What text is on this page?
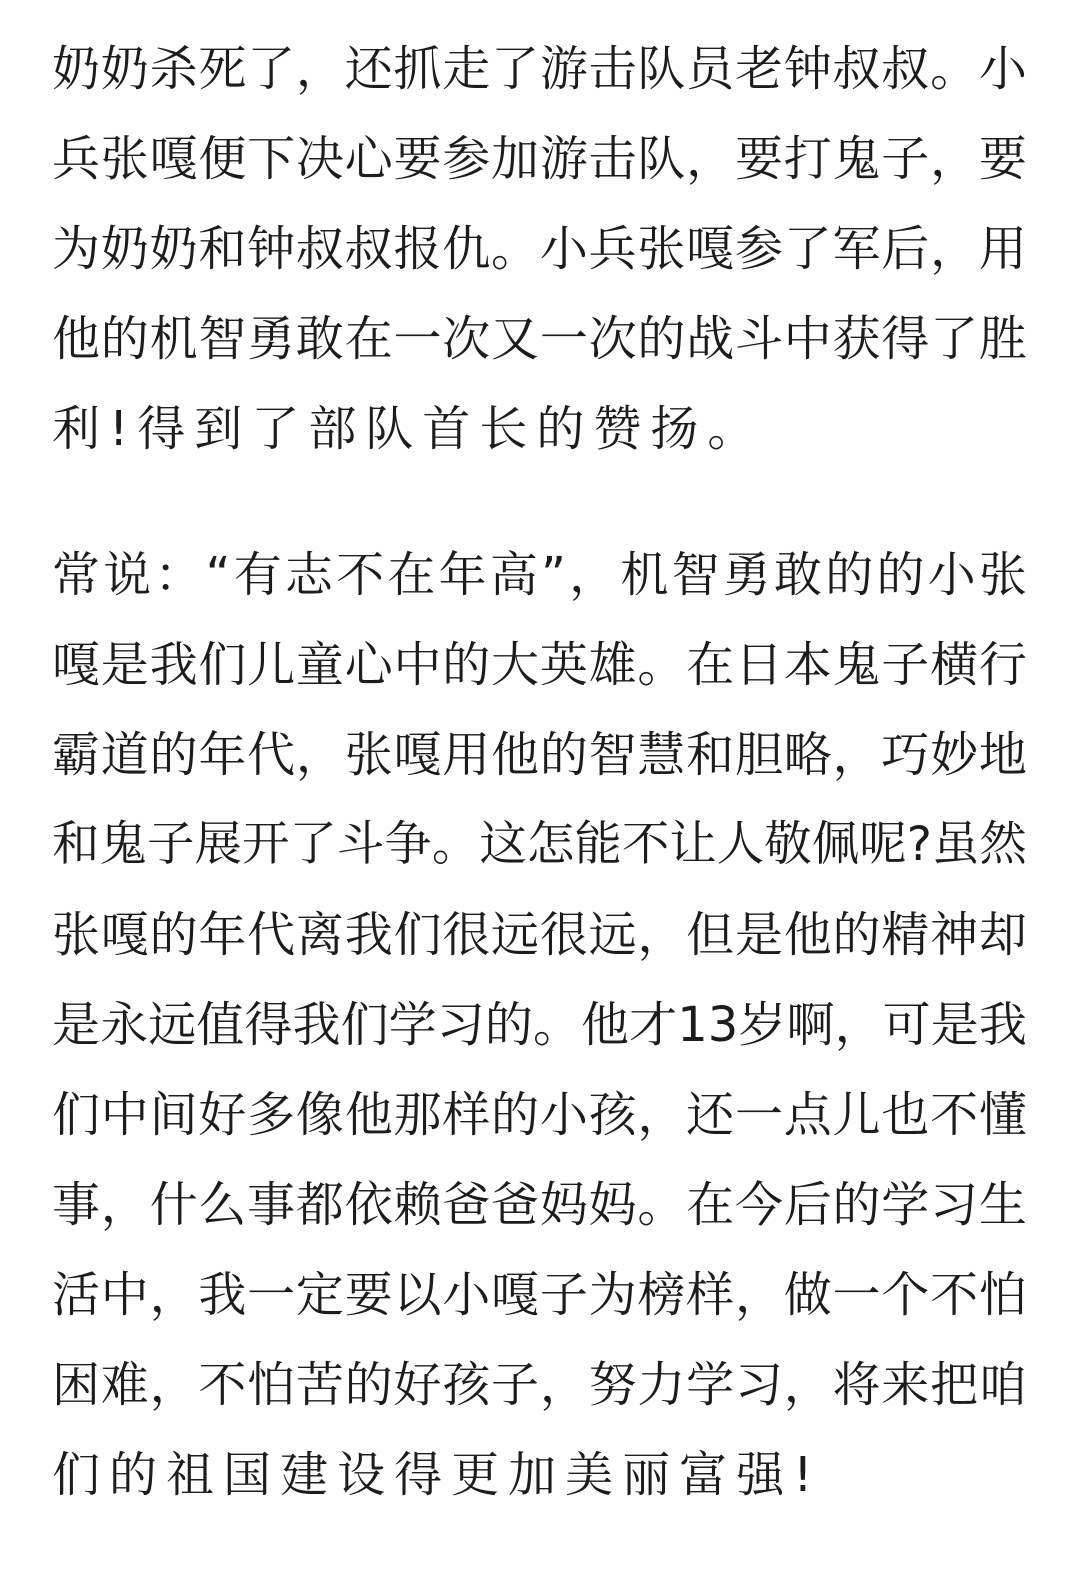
奶 奶 杀 死 了 ， 还 抓 走 了 游 击 队 员 老 钟 叔 叔 。 小
兵 张 嘎 便 下 决 心 要 参 加 游 击 队 ， 要 打 鬼 子 ， 要
为 奶 奶 和 钟 叔 叔 报 仇 。 小 兵 张 嘎 参 了 军 后 ， 用
他 的 机 智 勇 敢 在 一 次 又 一 次 的 战 斗 中 获 得 了 胜
利 ! 得 到 了 部 队 首 长 的 赞 扬 。
常 说 ： “ 有 志 不 在 年 高 ” ， 机 智 勇 敢 的 的 小 张
嘎 是 我 们 儿 童 心 中 的 大 英 雄 。 在 日 本 鬼 子 横 行
霸 道 的 年 代 ， 张 嘎 用 他 的 智 慧 和 胆 略 ， 巧 妙 地
和 鬼 子 展 开 了 斗 争 。 这 怎 能 不 让 人 敬 佩 呢 ? 虽 然
张 嘎 的 年 代 离 我 们 很 远 很 远 ， 但 是 他 的 精 神 却
是 永 远 值 得 我 们 学 习 的 。 他 才 13 岁 啊 ， 可 是 我
们 中 间 好 多 像 他 那 样 的 小 孩 ， 还 一 点 儿 也 不 懂
事 ， 什 么 事 都 依 赖 爸 爸 妈 妈 。 在 今 后 的 学 习 生
活 中 ， 我 一 定 要 以 小 嘎 子 为 榜 样 ， 做 一 个 不 怕
困 难 ， 不 怕 苦 的 好 孩 子 ， 努 力 学 习 ， 将 来 把 咱
们 的 祖 国 建 设 得 更 加 美 丽 富 强 !
